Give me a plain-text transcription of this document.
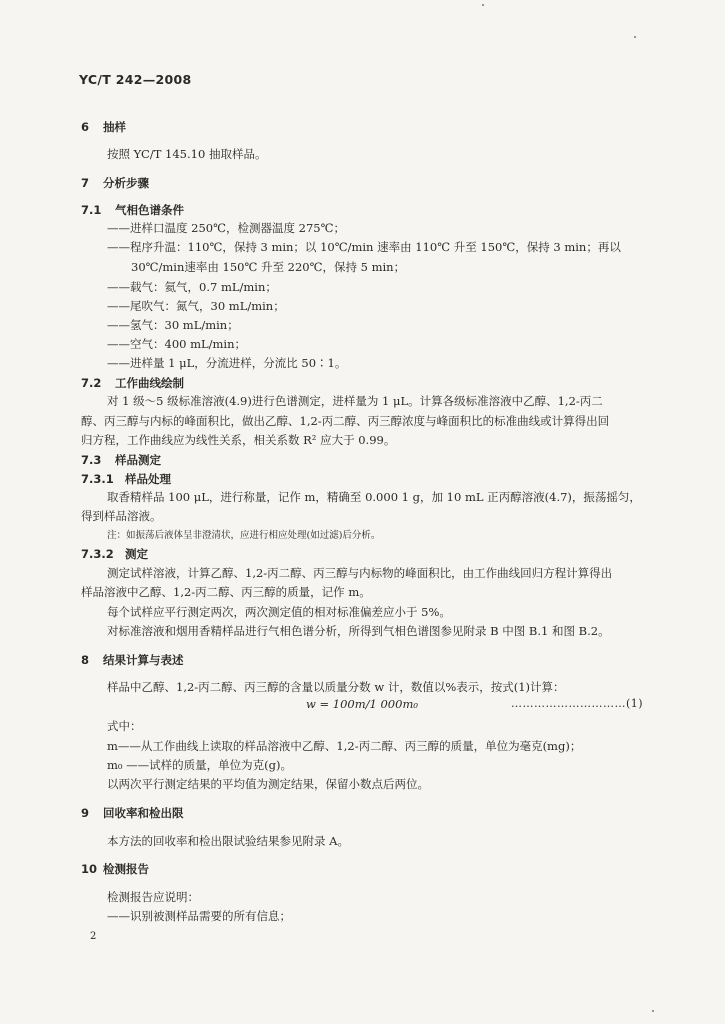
YC/T 242—2008
6 抽样
按照 YC/T 145.10 抽取样品。
7 分析步骤
7.1 气相色谱条件
——进样口温度 250℃，检测器温度 275℃；
——程序升温：110℃，保持 3 min；以 10℃/min 速率由 110℃ 升至 150℃，保持 3 min；再以
30℃/min速率由 150℃ 升至 220℃，保持 5 min；
——载气：氦气，0.7 mL/min；
——尾吹气：氮气，30 mL/min；
——氢气：30 mL/min；
——空气：400 mL/min；
——进样量 1 μL，分流进样，分流比 50∶1。
7.2 工作曲线绘制
对 1 级～5 级标准溶液(4.9)进行色谱测定，进样量为 1 μL。计算各级标准溶液中乙醇、1,2-丙二
醇、丙三醇与内标的峰面积比，做出乙醇、1,2-丙二醇、丙三醇浓度与峰面积比的标准曲线或计算得出回
归方程，工作曲线应为线性关系，相关系数 R² 应大于 0.99。
7.3 样品测定
7.3.1 样品处理
取香精样品 100 μL，进行称量，记作 m，精确至 0.000 1 g，加 10 mL 正丙醇溶液(4.7)，振荡摇匀，
得到样品溶液。
注：如振荡后液体呈非澄清状，应进行相应处理(如过滤)后分析。
7.3.2 测定
测定试样溶液，计算乙醇、1,2-丙二醇、丙三醇与内标物的峰面积比，由工作曲线回归方程计算得出
样品溶液中乙醇、1,2-丙二醇、丙三醇的质量，记作 m。
每个试样应平行测定两次，两次测定值的相对标准偏差应小于 5%。
对标准溶液和烟用香精样品进行气相色谱分析，所得到气相色谱图参见附录 B 中图 B.1 和图 B.2。
8 结果计算与表述
样品中乙醇、1,2-丙二醇、丙三醇的含量以质量分数 w 计，数值以%表示，按式(1)计算：
w = 100m/1 000m₀	…………………………(1)
式中：
m——从工作曲线上读取的样品溶液中乙醇、1,2-丙二醇、丙三醇的质量，单位为毫克(mg)；
m₀ ——试样的质量，单位为克(g)。
以两次平行测定结果的平均值为测定结果，保留小数点后两位。
9 回收率和检出限
本方法的回收率和检出限试验结果参见附录 A。
10 检测报告
检测报告应说明：
——识别被测样品需要的所有信息；
2
